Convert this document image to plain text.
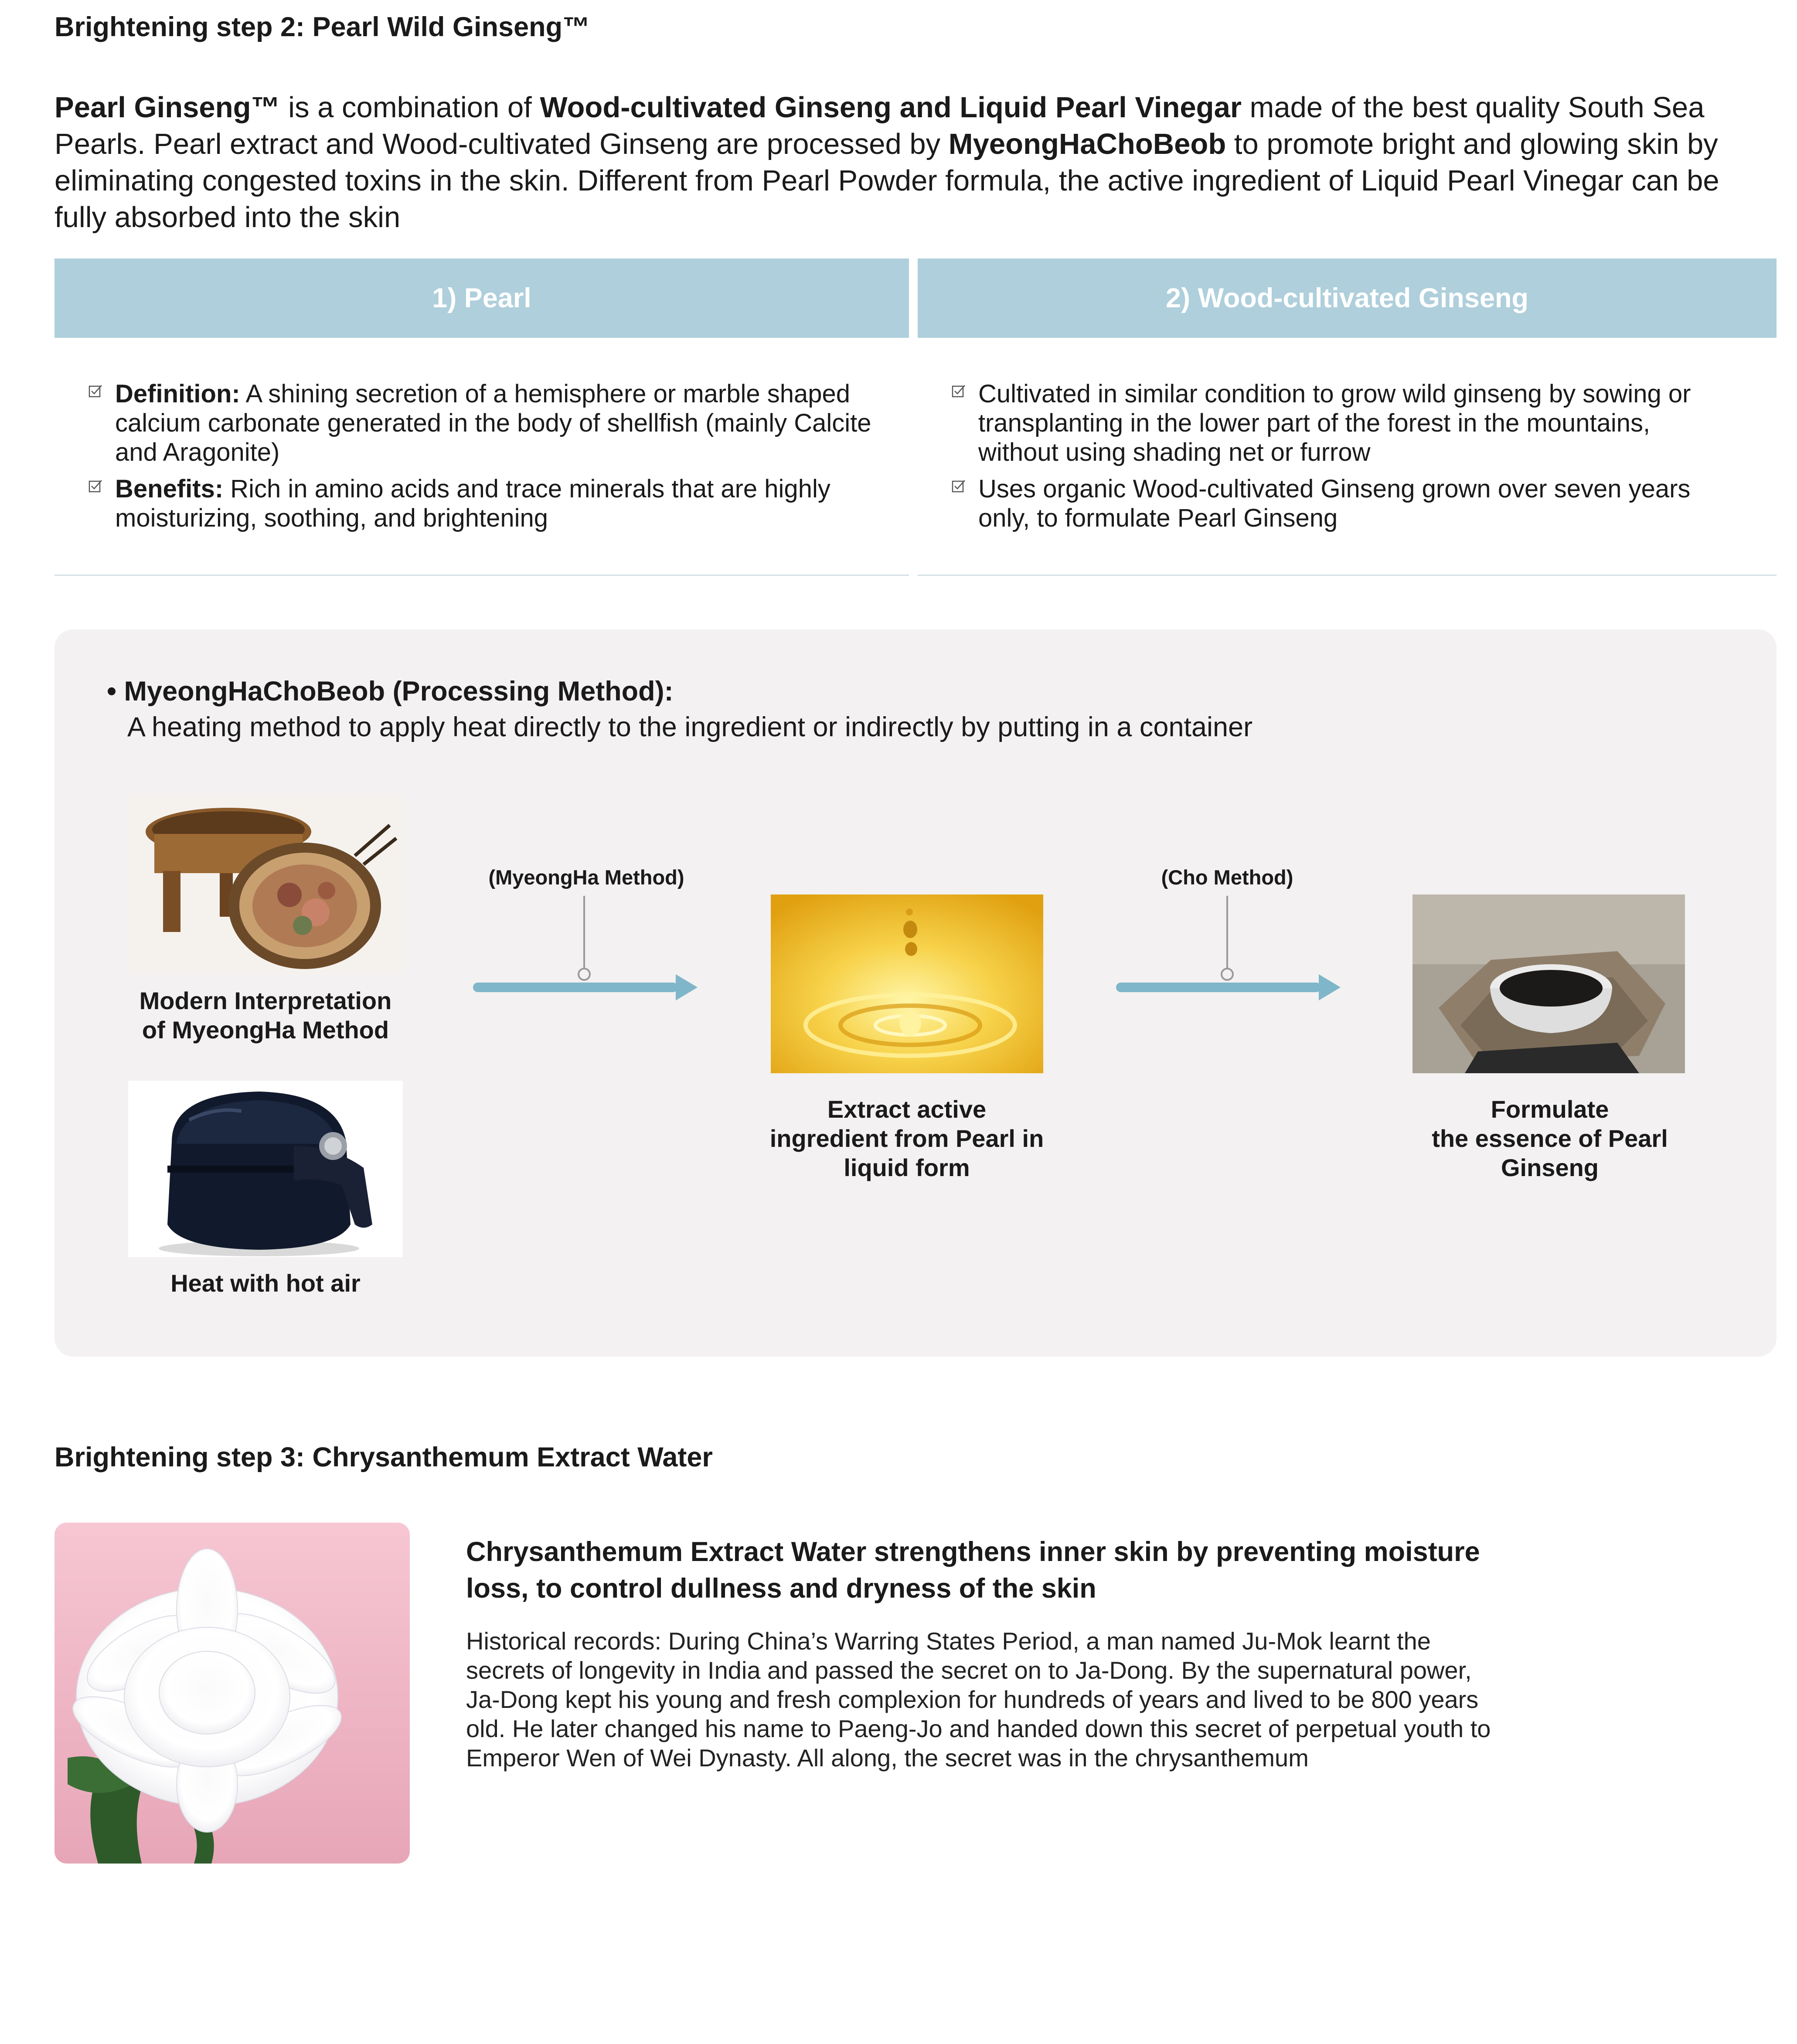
Brightening step 2: Pearl Wild Ginseng™
Pearl Ginseng™ is a combination of Wood-cultivated Ginseng and Liquid Pearl Vinegar made of the best quality South Sea Pearls. Pearl extract and Wood-cultivated Ginseng are processed by MyeongHaChoBeob to promote bright and glowing skin by eliminating congested toxins in the skin. Different from Pearl Powder formula, the active ingredient of Liquid Pearl Vinegar can be fully absorbed into the skin
1) Pearl	2) Wood-cultivated Ginseng
Definition: A shining secretion of a hemisphere or marble shaped calcium carbonate generated in the body of shellfish (mainly Calcite and Aragonite)
Benefits: Rich in amino acids and trace minerals that are highly moisturizing, soothing, and brightening
Cultivated in similar condition to grow wild ginseng by sowing or transplanting in the lower part of the forest in the mountains, without using shading net or furrow
Uses organic Wood-cultivated Ginseng grown over seven years only, to formulate Pearl Ginseng
• MyeongHaChoBeob (Processing Method):
A heating method to apply heat directly to the ingredient or indirectly by putting in a container
Modern Interpretation
of MyeongHa Method
Heat with hot air
(MyeongHa Method)
Extract active
ingredient from Pearl in
liquid form
(Cho Method)
Formulate
the essence of Pearl
Ginseng
Brightening step 3: Chrysanthemum Extract Water
Chrysanthemum Extract Water strengthens inner skin by preventing moisture loss, to control dullness and dryness of the skin
Historical records: During China’s Warring States Period, a man named Ju-Mok learnt the secrets of longevity in India and passed the secret on to Ja-Dong. By the supernatural power, Ja-Dong kept his young and fresh complexion for hundreds of years and lived to be 800 years old. He later changed his name to Paeng-Jo and handed down this secret of perpetual youth to Emperor Wen of Wei Dynasty. All along, the secret was in the chrysanthemum
